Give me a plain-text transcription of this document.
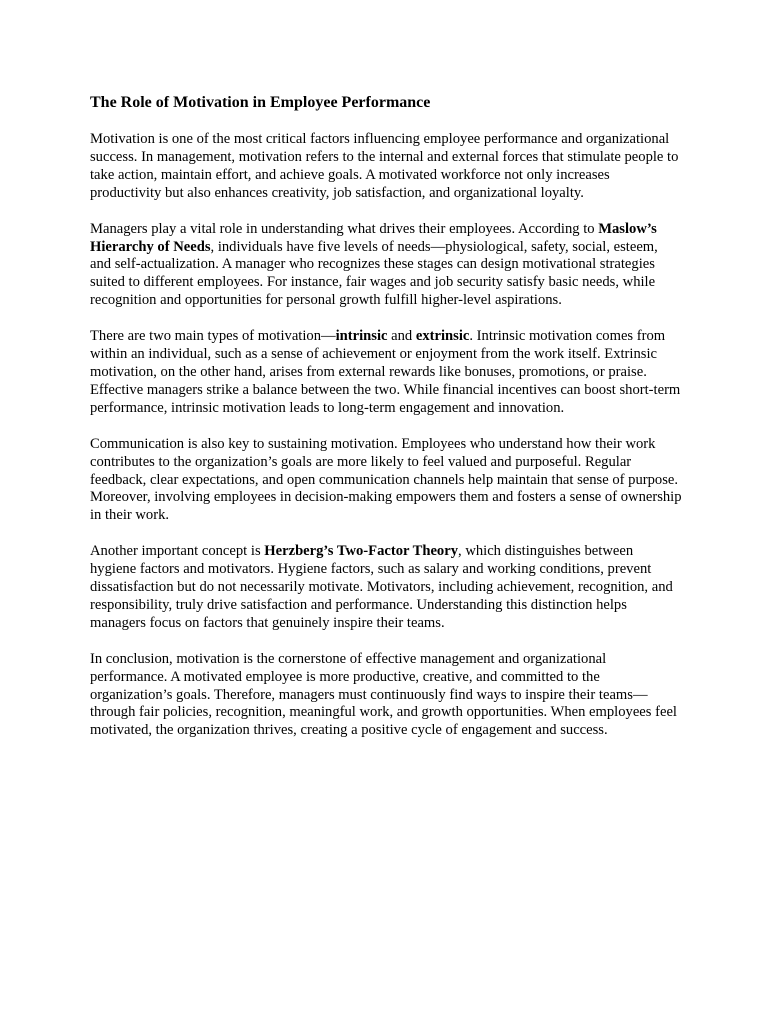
The Role of Motivation in Employee Performance

Motivation is one of the most critical factors influencing employee performance and organizational success. In management, motivation refers to the internal and external forces that stimulate people to take action, maintain effort, and achieve goals. A motivated workforce not only increases productivity but also enhances creativity, job satisfaction, and organizational loyalty.

Managers play a vital role in understanding what drives their employees. According to Maslow’s Hierarchy of Needs, individuals have five levels of needs—physiological, safety, social, esteem, and self-actualization. A manager who recognizes these stages can design motivational strategies suited to different employees. For instance, fair wages and job security satisfy basic needs, while recognition and opportunities for personal growth fulfill higher-level aspirations.

There are two main types of motivation—intrinsic and extrinsic. Intrinsic motivation comes from within an individual, such as a sense of achievement or enjoyment from the work itself. Extrinsic motivation, on the other hand, arises from external rewards like bonuses, promotions, or praise. Effective managers strike a balance between the two. While financial incentives can boost short-term performance, intrinsic motivation leads to long-term engagement and innovation.

Communication is also key to sustaining motivation. Employees who understand how their work contributes to the organization’s goals are more likely to feel valued and purposeful. Regular feedback, clear expectations, and open communication channels help maintain that sense of purpose. Moreover, involving employees in decision-making empowers them and fosters a sense of ownership in their work.

Another important concept is Herzberg’s Two-Factor Theory, which distinguishes between hygiene factors and motivators. Hygiene factors, such as salary and working conditions, prevent dissatisfaction but do not necessarily motivate. Motivators, including achievement, recognition, and responsibility, truly drive satisfaction and performance. Understanding this distinction helps managers focus on factors that genuinely inspire their teams.

In conclusion, motivation is the cornerstone of effective management and organizational performance. A motivated employee is more productive, creative, and committed to the organization’s goals. Therefore, managers must continuously find ways to inspire their teams—through fair policies, recognition, meaningful work, and growth opportunities. When employees feel motivated, the organization thrives, creating a positive cycle of engagement and success.
